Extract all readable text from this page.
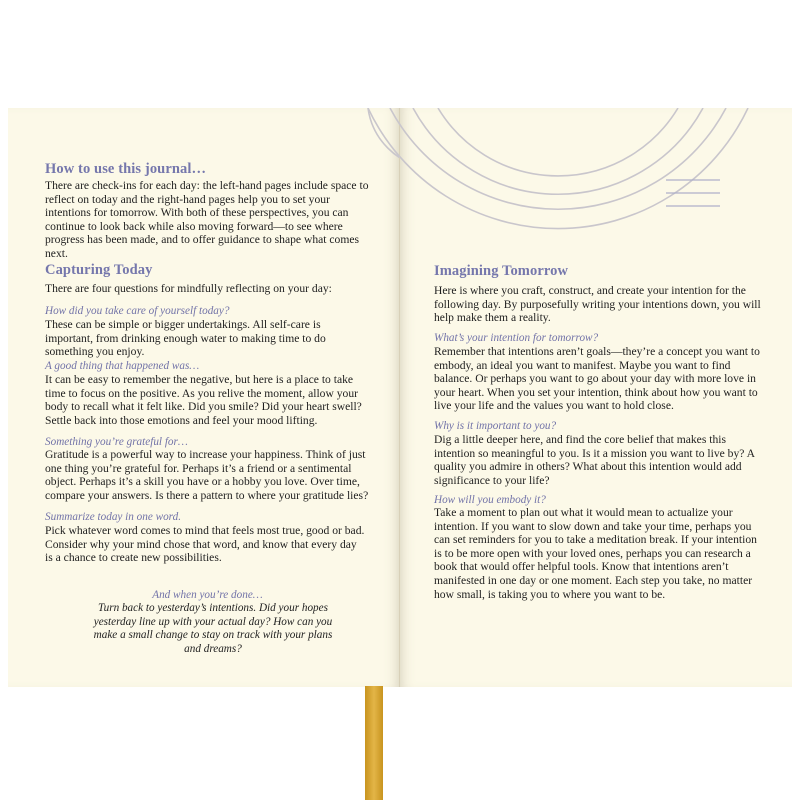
How to use this journal…

There are check-ins for each day: the left-hand pages include space to reflect on today and the right-hand pages help you to set your intentions for tomorrow. With both of these perspectives, you can continue to look back while also moving forward—to see where progress has been made, and to offer guidance to shape what comes next.

Capturing Today

There are four questions for mindfully reflecting on your day:

How did you take care of yourself today?

These can be simple or bigger undertakings. All self-care is important, from drinking enough water to making time to do something you enjoy.

A good thing that happened was…

It can be easy to remember the negative, but here is a place to take time to focus on the positive. As you relive the moment, allow your body to recall what it felt like. Did you smile? Did your heart swell? Settle back into those emotions and feel your mood lifting.

Something you’re grateful for…

Gratitude is a powerful way to increase your happiness. Think of just one thing you’re grateful for. Perhaps it’s a friend or a sentimental object. Perhaps it’s a skill you have or a hobby you love. Over time, compare your answers. Is there a pattern to where your gratitude lies?

Summarize today in one word.

Pick whatever word comes to mind that feels most true, good or bad. Consider why your mind chose that word, and know that every day is a chance to create new possibilities.

And when you’re done…

Turn back to yesterday’s intentions. Did your hopes yesterday line up with your actual day? How can you make a small change to stay on track with your plans and dreams?

Imagining Tomorrow

Here is where you craft, construct, and create your intention for the following day. By purposefully writing your intentions down, you will help make them a reality.

What’s your intention for tomorrow?

Remember that intentions aren’t goals—they’re a concept you want to embody, an ideal you want to manifest. Maybe you want to find balance. Or perhaps you want to go about your day with more love in your heart. When you set your intention, think about how you want to live your life and the values you want to hold close.

Why is it important to you?

Dig a little deeper here, and find the core belief that makes this intention so meaningful to you. Is it a mission you want to live by? A quality you admire in others? What about this intention would add significance to your life?

How will you embody it?

Take a moment to plan out what it would mean to actualize your intention. If you want to slow down and take your time, perhaps you can set reminders for you to take a meditation break. If your intention is to be more open with your loved ones, perhaps you can research a book that would offer helpful tools. Know that intentions aren’t manifested in one day or one moment. Each step you take, no matter how small, is taking you to where you want to be.
